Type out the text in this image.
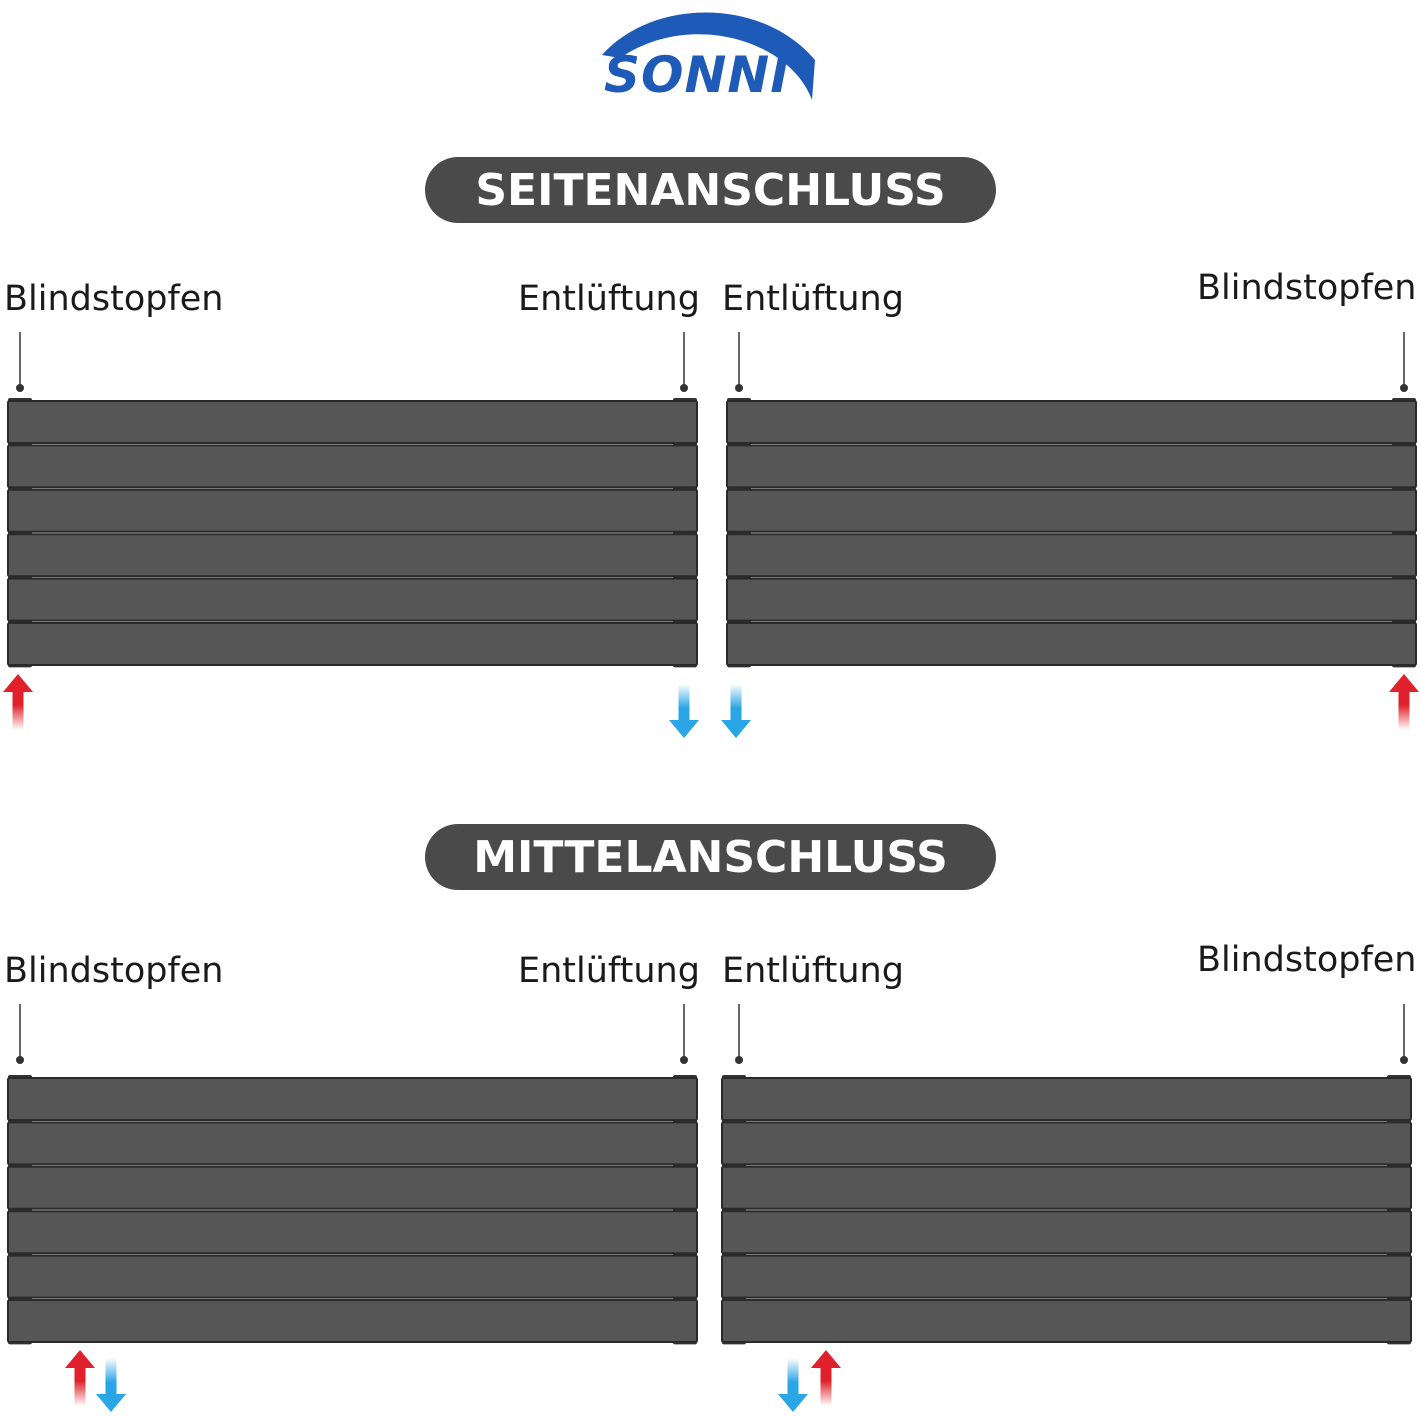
SONNI
SEITENANSCHLUSS
MITTELANSCHLUSS
Blindstopfen	Entlüftung Entlüftung	Blindstopfen
Blindstopfen	Entlüftung Entlüftung	Blindstopfen
